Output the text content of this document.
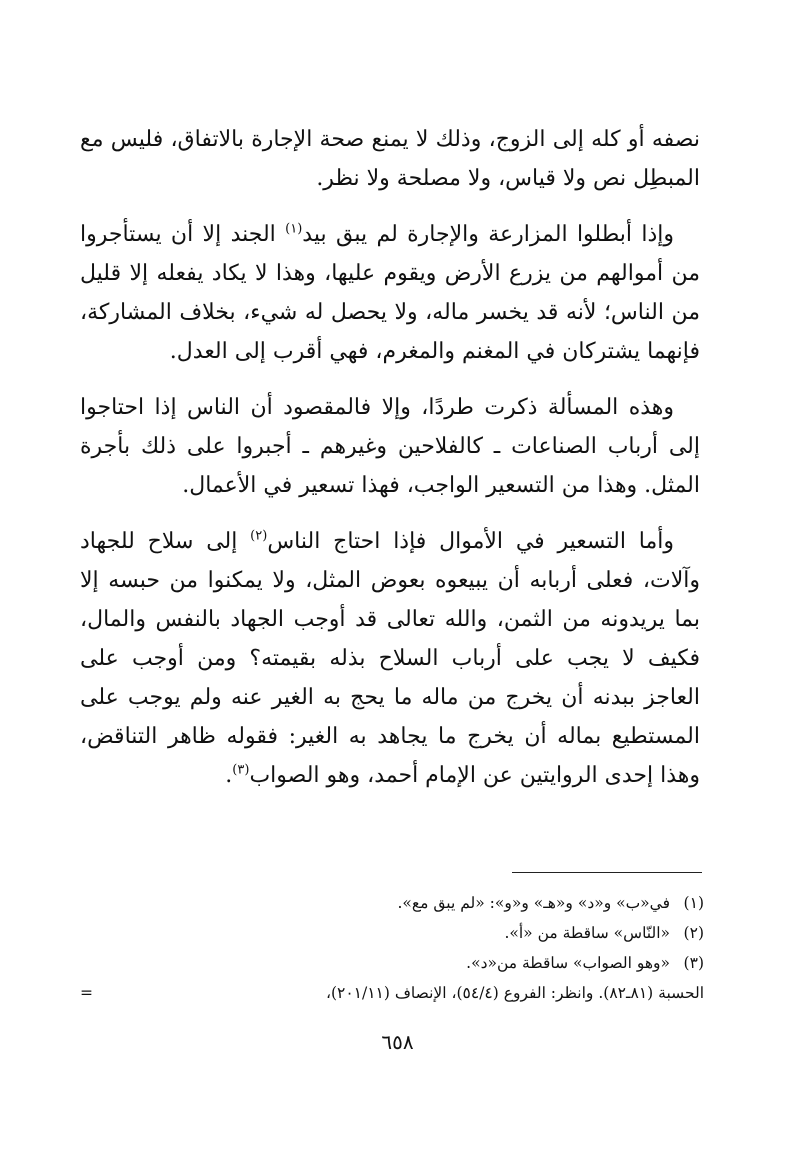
نصفه أو كله إلى الزوج، وذلك لا يمنع صحة الإجارة بالاتفاق، فليس مع المبطِل نص ولا قياس، ولا مصلحة ولا نظر.

وإذا أبطلوا المزارعة والإجارة لم يبق بيد$^{(١)}$ الجند إلا أن يستأجروا من أموالهم من يزرع الأرض ويقوم عليها، وهذا لا يكاد يفعله إلا قليل من الناس؛ لأنه قد يخسر ماله، ولا يحصل له شيء، بخلاف المشاركة، فإنهما يشتركان في المغنم والمغرم، فهي أقرب إلى العدل.

وهذه المسألة ذكرت طردًا، وإلا فالمقصود أن الناس إذا احتاجوا إلى أرباب الصناعات ـ كالفلاحين وغيرهم ـ أجبروا على ذلك بأجرة المثل. وهذا من التسعير الواجب، فهذا تسعير في الأعمال.

وأما التسعير في الأموال فإذا احتاج الناس$^{(٢)}$ إلى سلاح للجهاد وآلات، فعلى أربابه أن يبيعوه بعوض المثل، ولا يمكنوا من حبسه إلا بما يريدونه من الثمن، والله تعالى قد أوجب الجهاد بالنفس والمال، فكيف لا يجب على أرباب السلاح بذله بقيمته؟ ومن أوجب على العاجز ببدنه أن يخرج من ماله ما يحج به الغير عنه ولم يوجب على المستطيع بماله أن يخرج ما يجاهد به الغير: فقوله ظاهر التناقض، وهذا إحدى الروايتين عن الإمام أحمد، وهو الصواب$^{(٣)}$.

(١)في«ب» و«د» و«هـ» و«و»: «لم يبق مع».
(٢)«النّاس» ساقطة من «أ».
(٣)«وهو الصواب» ساقطة من«د».
الحسبة (٨١ـ٨٢). وانظر: الفروع (٥٤/٤)، الإنصاف (٢٠١/١١)،
=
٦٥٨
